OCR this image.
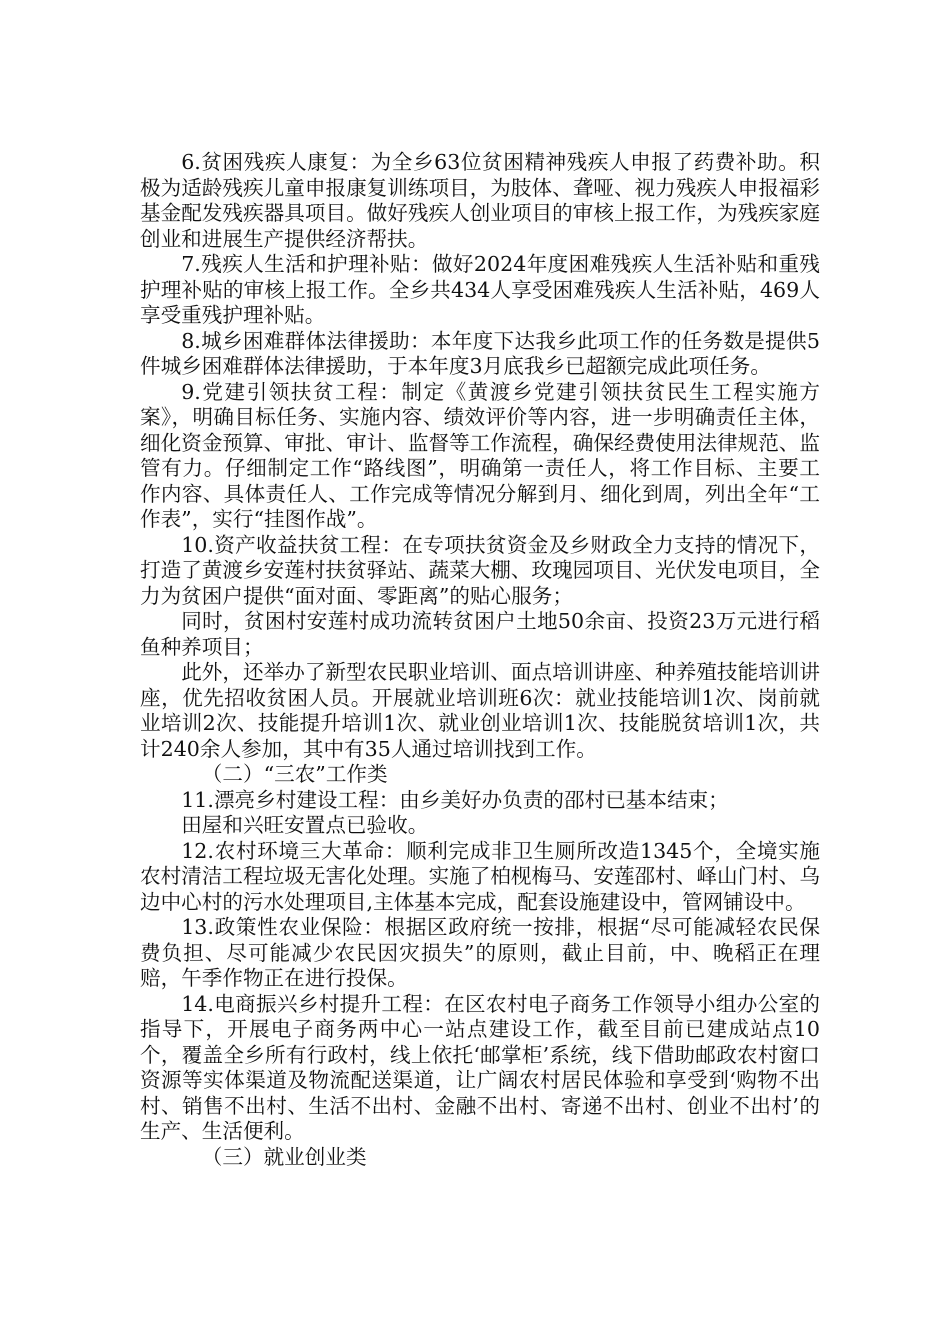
6.贫困残疾人康复：为全乡63位贫困精神残疾人申报了药费补助。积极为适龄残疾儿童申报康复训练项目，为肢体、聋哑、视力残疾人申报福彩基金配发残疾器具项目。做好残疾人创业项目的审核上报工作，为残疾家庭创业和进展生产提供经济帮扶。

7.残疾人生活和护理补贴：做好2024年度困难残疾人生活补贴和重残护理补贴的审核上报工作。全乡共434人享受困难残疾人生活补贴，469人享受重残护理补贴。

8.城乡困难群体法律援助：本年度下达我乡此项工作的任务数是提供5件城乡困难群体法律援助，于本年度3月底我乡已超额完成此项任务。

9.党建引领扶贫工程：制定《黄渡乡党建引领扶贫民生工程实施方案》，明确目标任务、实施内容、绩效评价等内容，进一步明确责任主体，细化资金预算、审批、审计、监督等工作流程，确保经费使用法律规范、监管有力。仔细制定工作“路线图”，明确第一责任人，将工作目标、主要工作内容、具体责任人、工作完成等情况分解到月、细化到周，列出全年“工作表”，实行“挂图作战”。

10.资产收益扶贫工程：在专项扶贫资金及乡财政全力支持的情况下，打造了黄渡乡安莲村扶贫驿站、蔬菜大棚、玫瑰园项目、光伏发电项目，全力为贫困户提供“面对面、零距离”的贴心服务；

同时，贫困村安莲村成功流转贫困户土地50余亩、投资23万元进行稻鱼种养项目；

此外，还举办了新型农民职业培训、面点培训讲座、种养殖技能培训讲座，优先招收贫困人员。开展就业培训班6次：就业技能培训1次、岗前就业培训2次、技能提升培训1次、就业创业培训1次、技能脱贫培训1次，共计240余人参加，其中有35人通过培训找到工作。

（二）“三农”工作类

11.漂亮乡村建设工程：由乡美好办负责的邵村已基本结束；

田屋和兴旺安置点已验收。

12.农村环境三大革命：顺利完成非卫生厕所改造1345个，全境实施农村清洁工程垃圾无害化处理。实施了柏枧梅马、安莲邵村、峄山门村、乌边中心村的污水处理项目,主体基本完成，配套设施建设中，管网铺设中。

13.政策性农业保险：根据区政府统一按排，根据“尽可能减轻农民保费负担、尽可能减少农民因灾损失”的原则，截止目前，中、晚稻正在理赔，午季作物正在进行投保。

14.电商振兴乡村提升工程：在区农村电子商务工作领导小组办公室的指导下，开展电子商务两中心一站点建设工作，截至目前已建成站点10个，覆盖全乡所有行政村，线上依托‘邮掌柜’系统，线下借助邮政农村窗口资源等实体渠道及物流配送渠道，让广阔农村居民体验和享受到‘购物不出村、销售不出村、生活不出村、金融不出村、寄递不出村、创业不出村’的生产、生活便利。

（三）就业创业类
